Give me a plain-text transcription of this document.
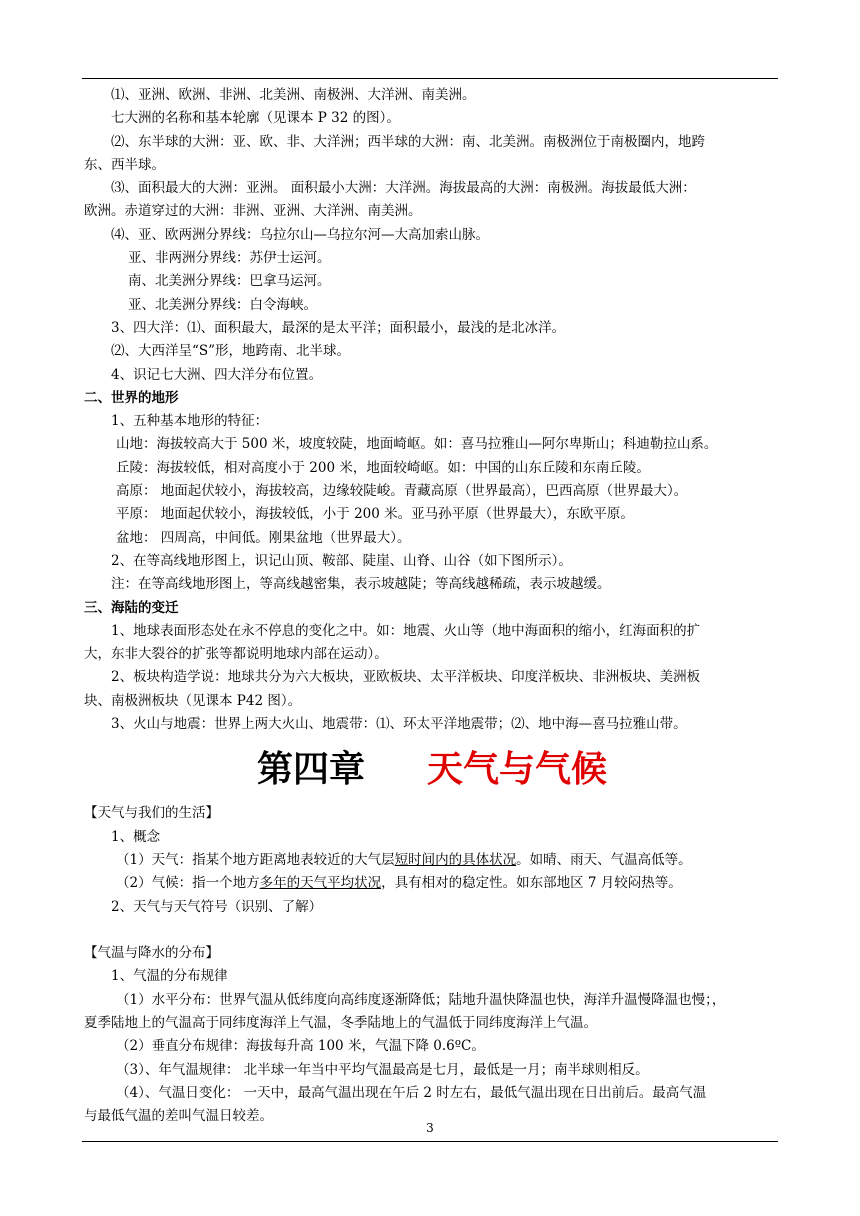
⑴、亚洲、欧洲、非洲、北美洲、南极洲、大洋洲、南美洲。
七大洲的名称和基本轮廓（见课本 P 32 的图）。
⑵、东半球的大洲：亚、欧、非、大洋洲；西半球的大洲：南、北美洲。南极洲位于南极圈内，地跨
东、西半球。
⑶、面积最大的大洲：亚洲。 面积最小大洲：大洋洲。海拔最高的大洲：南极洲。海拔最低大洲：
欧洲。赤道穿过的大洲：非洲、亚洲、大洋洲、南美洲。
⑷、亚、欧两洲分界线：乌拉尔山—乌拉尔河—大高加索山脉。
亚、非两洲分界线：苏伊士运河。
南、北美洲分界线：巴拿马运河。
亚、北美洲分界线：白令海峡。
3、四大洋：⑴、面积最大，最深的是太平洋；面积最小，最浅的是北冰洋。
⑵、大西洋呈“S”形，地跨南、北半球。
4、识记七大洲、四大洋分布位置。
二、世界的地形
1、五种基本地形的特征：
山地：海拔较高大于 500 米，坡度较陡，地面崎岖。如：喜马拉雅山—阿尔卑斯山；科迪勒拉山系。
丘陵：海拔较低，相对高度小于 200 米，地面较崎岖。如：中国的山东丘陵和东南丘陵。
高原： 地面起伏较小，海拔较高，边缘较陡峻。青藏高原（世界最高），巴西高原（世界最大）。
平原： 地面起伏较小，海拔较低，小于 200 米。亚马孙平原（世界最大），东欧平原。
盆地： 四周高，中间低。刚果盆地（世界最大）。
2、在等高线地形图上，识记山顶、鞍部、陡崖、山脊、山谷（如下图所示）。
注：在等高线地形图上，等高线越密集，表示坡越陡；等高线越稀疏，表示坡越缓。
三、海陆的变迁
1、地球表面形态处在永不停息的变化之中。如：地震、火山等（地中海面积的缩小，红海面积的扩
大，东非大裂谷的扩张等都说明地球内部在运动）。
2、板块构造学说：地球共分为六大板块，亚欧板块、太平洋板块、印度洋板块、非洲板块、美洲板
块、南极洲板块（见课本 P42 图）。
3、火山与地震：世界上两大火山、地震带：⑴、环太平洋地震带；⑵、地中海—喜马拉雅山带。
第四章 天气与气候
【天气与我们的生活】
1、概念
（1）天气：指某个地方距离地表较近的大气层短时间内的具体状况。如晴、雨天、气温高低等。
（2）气候：指一个地方多年的天气平均状况，具有相对的稳定性。如东部地区 7 月较闷热等。
2、天气与天气符号（识别、了解）
【气温与降水的分布】
1、气温的分布规律
（1）水平分布：世界气温从低纬度向高纬度逐渐降低；陆地升温快降温也快，海洋升温慢降温也慢；，
夏季陆地上的气温高于同纬度海洋上气温，冬季陆地上的气温低于同纬度海洋上气温。
（2）垂直分布规律：海拔每升高 100 米，气温下降 0.6ºC。
（3）、年气温规律： 北半球一年当中平均气温最高是七月，最低是一月；南半球则相反。
（4）、气温日变化： 一天中，最高气温出现在午后 2 时左右，最低气温出现在日出前后。最高气温
与最低气温的差叫气温日较差。
3
